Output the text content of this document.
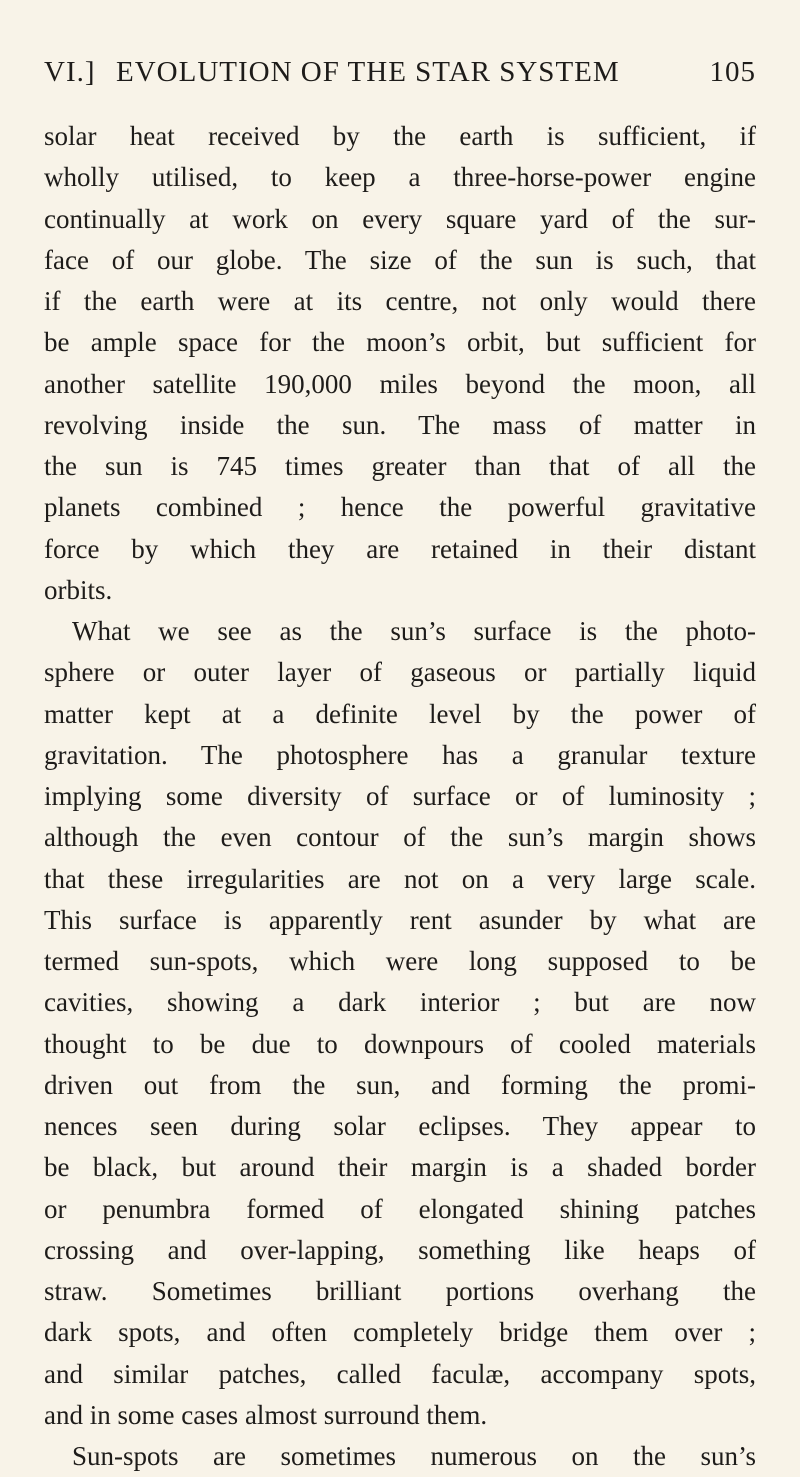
VI.] EVOLUTION OF THE STAR SYSTEM	105
solar heat received by the earth is sufficient, if
wholly utilised, to keep a three-horse-power engine
continually at work on every square yard of the sur-
face of our globe. The size of the sun is such, that
if the earth were at its centre, not only would there
be ample space for the moon’s orbit, but sufficient for
another satellite 190,000 miles beyond the moon, all
revolving inside the sun. The mass of matter in
the sun is 745 times greater than that of all the
planets combined ; hence the powerful gravitative
force by which they are retained in their distant
orbits.
What we see as the sun’s surface is the photo-
sphere or outer layer of gaseous or partially liquid
matter kept at a definite level by the power of
gravitation. The photosphere has a granular texture
implying some diversity of surface or of luminosity ;
although the even contour of the sun’s margin shows
that these irregularities are not on a very large scale.
This surface is apparently rent asunder by what are
termed sun-spots, which were long supposed to be
cavities, showing a dark interior ; but are now
thought to be due to downpours of cooled materials
driven out from the sun, and forming the promi-
nences seen during solar eclipses. They appear to
be black, but around their margin is a shaded border
or penumbra formed of elongated shining patches
crossing and over-lapping, something like heaps of
straw. Sometimes brilliant portions overhang the
dark spots, and often completely bridge them over ;
and similar patches, called faculæ, accompany spots,
and in some cases almost surround them.
Sun-spots are sometimes numerous on the sun’s
